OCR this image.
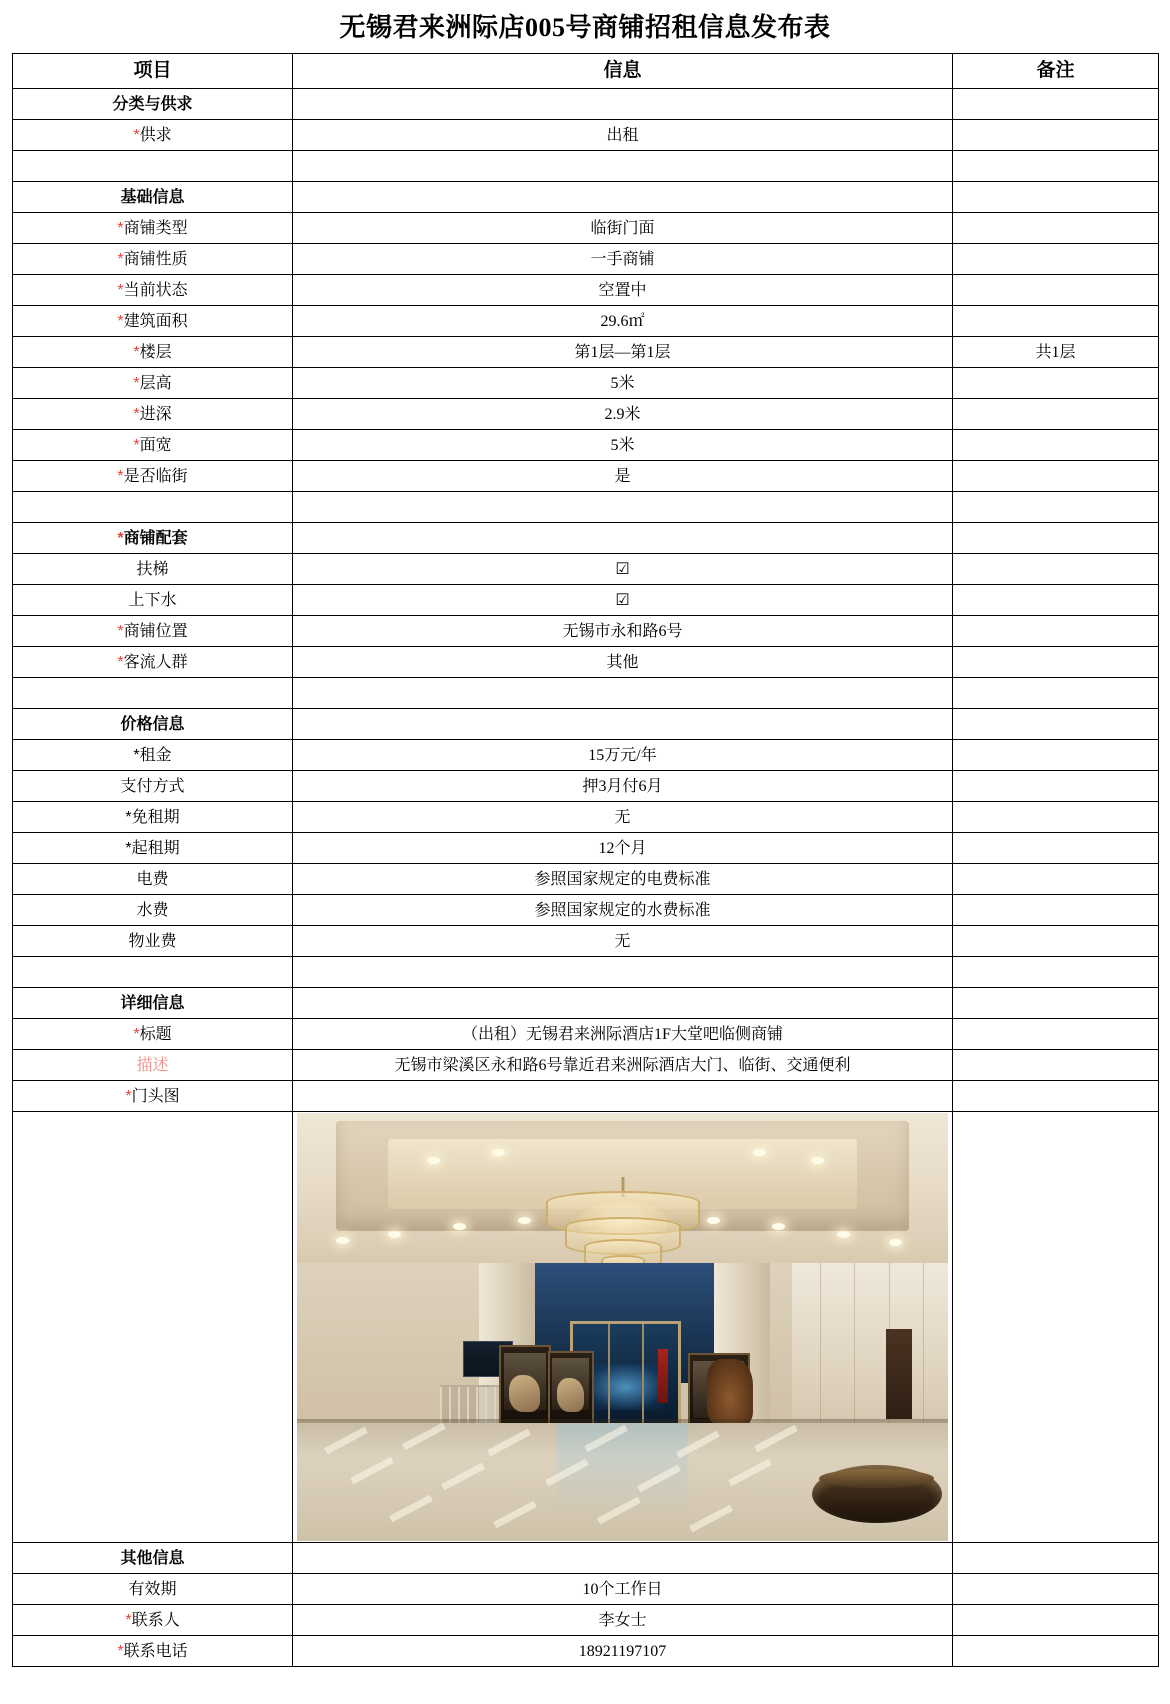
无锡君来洲际店005号商铺招租信息发布表
项目	信息	备注
分类与供求		
*供求	出租	

基础信息		
*商铺类型	临街门面	
*商铺性质	一手商铺	
*当前状态	空置中	
*建筑面积	29.6㎡	
*楼层	第1层—第1层	共1层
*层高	5米	
*进深	2.9米	
*面宽	5米	
*是否临街	是	

*商铺配套		
扶梯	☑	
上下水	☑	
*商铺位置	无锡市永和路6号	
*客流人群	其他	

价格信息		
*租金	15万元/年	
支付方式	押3月付6月	
*免租期	无	
*起租期	12个月	
电费	参照国家规定的电费标准	
水费	参照国家规定的水费标准	
物业费	无	

详细信息		
*标题	（出租）无锡君来洲际酒店1F大堂吧临侧商铺	
描述	无锡市梁溪区永和路6号靠近君来洲际酒店大门、临街、交通便利	
*门头图		

其他信息		
有效期	10个工作日	
*联系人	李女士	
*联系电话	18921197107	
